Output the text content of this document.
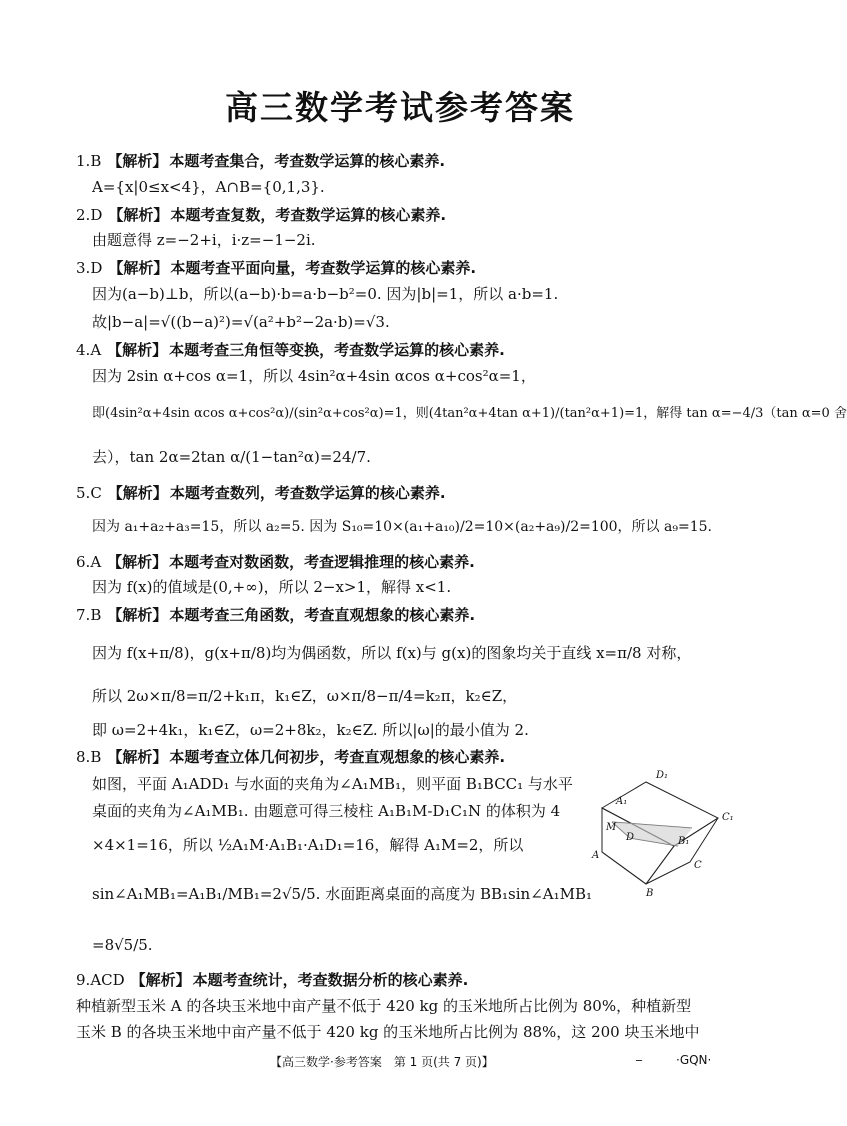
高三数学考试参考答案
1.B 【解析】 本题考查集合，考查数学运算的核心素养.
A={x|0≤x<4}，A∩B={0,1,3}.
2.D 【解析】 本题考查复数，考查数学运算的核心素养.
由题意得 z=−2+i，i·z=−1−2i.
3.D 【解析】 本题考查平面向量，考查数学运算的核心素养.
因为(a−b)⊥b，所以(a−b)·b=a·b−b²=0. 因为|b|=1，所以 a·b=1.
故|b−a|=√((b−a)²)=√(a²+b²−2a·b)=√3.
4.A 【解析】 本题考查三角恒等变换，考查数学运算的核心素养.
因为 2sin α+cos α=1，所以 4sin²α+4sin αcos α+cos²α=1，
即(4sin²α+4sin αcos α+cos²α)/(sin²α+cos²α)=1，则(4tan²α+4tan α+1)/(tan²α+1)=1，解得 tan α=−4/3（tan α=0 舍
去），tan 2α=2tan α/(1−tan²α)=24/7.
5.C 【解析】 本题考查数列，考查数学运算的核心素养.
因为 a₁+a₂+a₃=15，所以 a₂=5. 因为 S₁₀=10×(a₁+a₁₀)/2=10×(a₂+a₉)/2=100，所以 a₉=15.
6.A 【解析】 本题考查对数函数，考查逻辑推理的核心素养.
因为 f(x)的值域是(0,+∞)，所以 2−x>1，解得 x<1.
7.B 【解析】 本题考查三角函数，考查直观想象的核心素养.
因为 f(x+π/8)，g(x+π/8)均为偶函数，所以 f(x)与 g(x)的图象均关于直线 x=π/8 对称，
所以 2ω×π/8=π/2+k₁π，k₁∈Z，ω×π/8−π/4=k₂π，k₂∈Z，
即 ω=2+4k₁，k₁∈Z，ω=2+8k₂，k₂∈Z. 所以|ω|的最小值为 2.
8.B 【解析】 本题考查立体几何初步，考查直观想象的核心素养.
如图，平面 A₁ADD₁ 与水面的夹角为∠A₁MB₁，则平面 B₁BCC₁ 与水平
桌面的夹角为∠A₁MB₁. 由题意可得三棱柱 A₁B₁M-D₁C₁N 的体积为 4
×4×1=16，所以 ½A₁M·A₁B₁·A₁D₁=16，解得 A₁M=2，所以
sin∠A₁MB₁=A₁B₁/MB₁=2√5/5. 水面距离桌面的高度为 BB₁sin∠A₁MB₁
=8√5/5.
D₁
A₁
M
D
C₁
B₁
A
C
B
9.ACD 【解析】 本题考查统计，考查数据分析的核心素养.
种植新型玉米 A 的各块玉米地中亩产量不低于 420 kg 的玉米地所占比例为 80%，种植新型
玉米 B 的各块玉米地中亩产量不低于 420 kg 的玉米地所占比例为 88%，这 200 块玉米地中
【高三数学·参考答案　第 1 页(共 7 页)】
_	·GQN·
